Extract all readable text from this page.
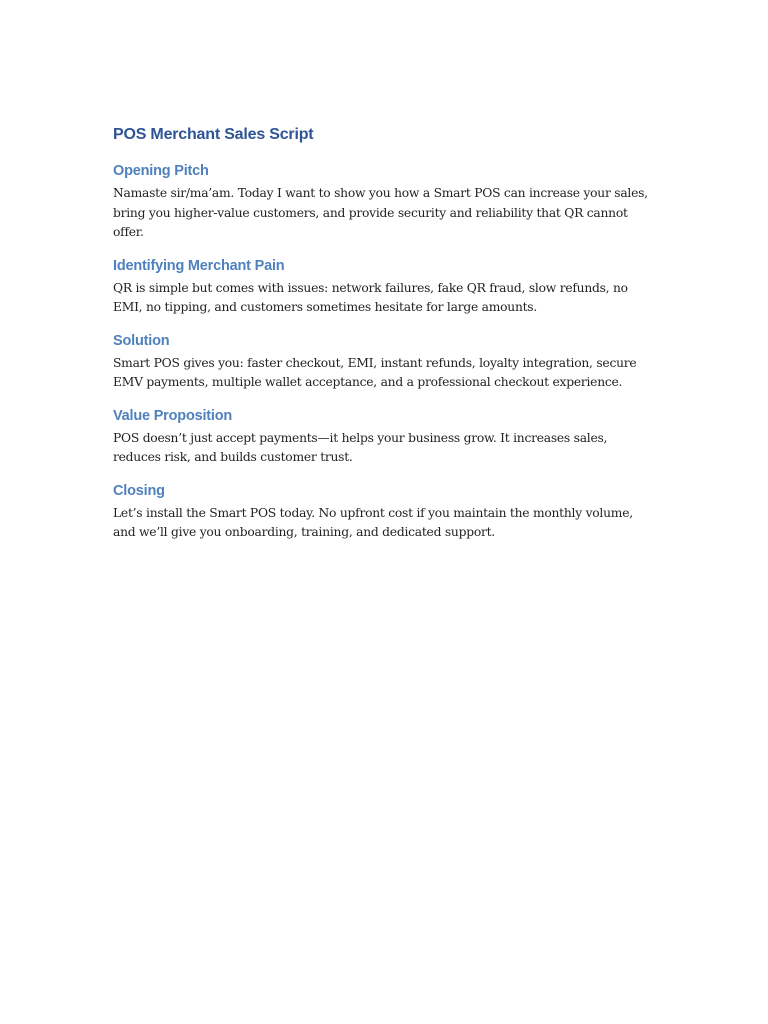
POS Merchant Sales Script
Opening Pitch

Namaste sir/ma’am. Today I want to show you how a Smart POS can increase your sales, bring you higher-value customers, and provide security and reliability that QR cannot offer.

Identifying Merchant Pain

QR is simple but comes with issues: network failures, fake QR fraud, slow refunds, no EMI, no tipping, and customers sometimes hesitate for large amounts.

Solution

Smart POS gives you: faster checkout, EMI, instant refunds, loyalty integration, secure EMV payments, multiple wallet acceptance, and a professional checkout experience.

Value Proposition

POS doesn’t just accept payments—it helps your business grow. It increases sales, reduces risk, and builds customer trust.

Closing

Let’s install the Smart POS today. No upfront cost if you maintain the monthly volume, and we’ll give you onboarding, training, and dedicated support.
